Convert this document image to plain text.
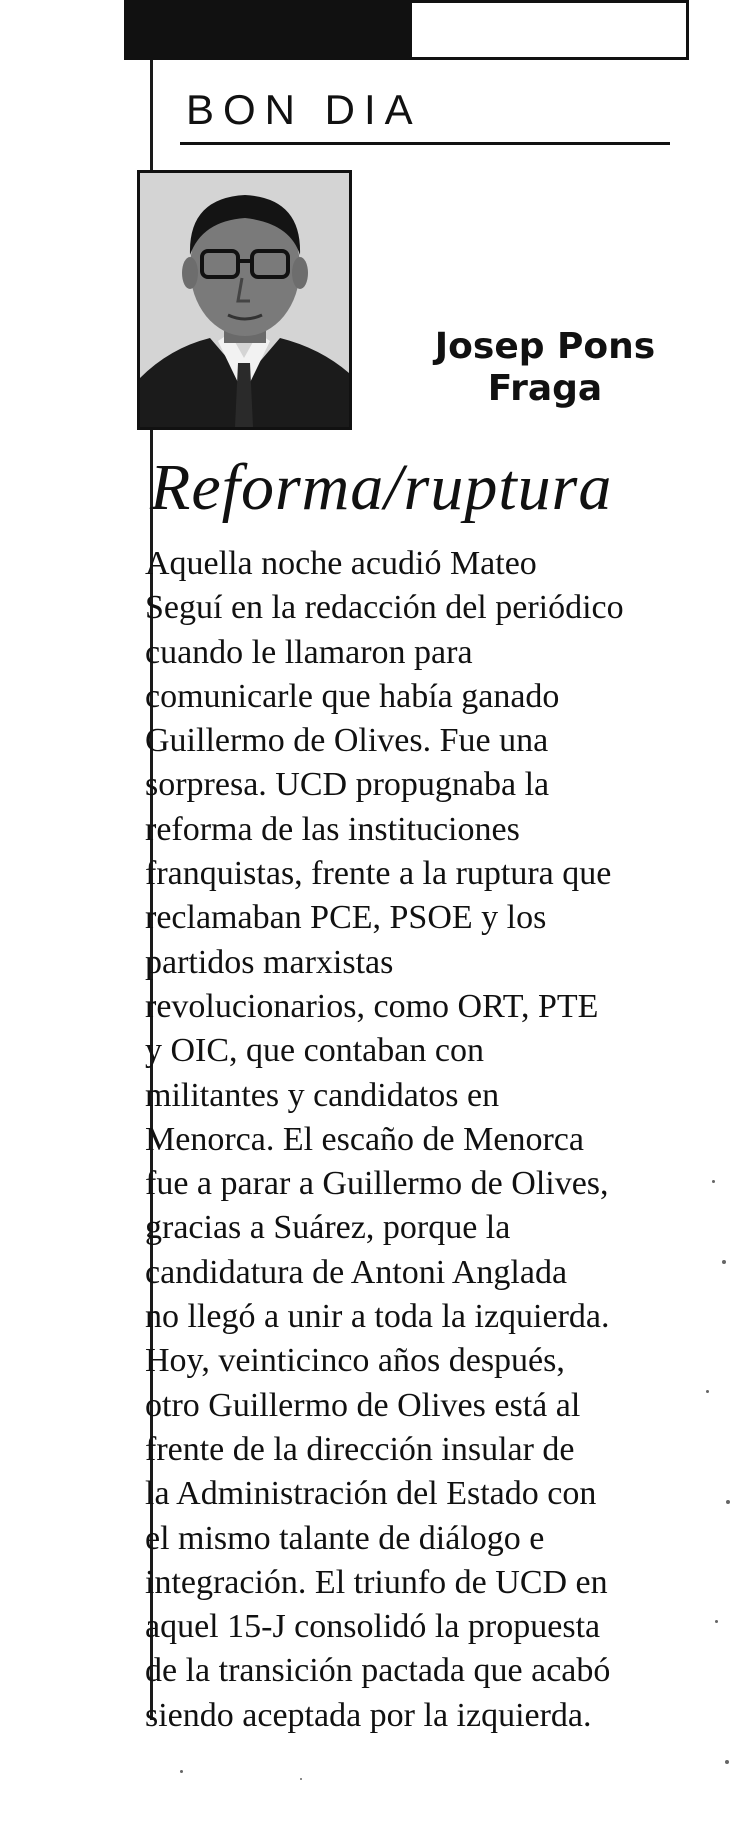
BON DIA
Josep Pons
Fraga
Reforma/ruptura
Aquella noche acudió Mateo
Seguí en la redacción del periódico
cuando le llamaron para
comunicarle que había ganado
Guillermo de Olives. Fue una
sorpresa. UCD propugnaba la
reforma de las instituciones
franquistas, frente a la ruptura que
reclamaban PCE, PSOE y los
partidos marxistas
revolucionarios, como ORT, PTE
y OIC, que contaban con
militantes y candidatos en
Menorca. El escaño de Menorca
fue a parar a Guillermo de Olives,
gracias a Suárez, porque la
candidatura de Antoni Anglada
no llegó a unir a toda la izquierda.
Hoy, veinticinco años después,
otro Guillermo de Olives está al
frente de la dirección insular de
la Administración del Estado con
el mismo talante de diálogo e
integración. El triunfo de UCD en
aquel 15-J consolidó la propuesta
de la transición pactada que acabó
siendo aceptada por la izquierda.
